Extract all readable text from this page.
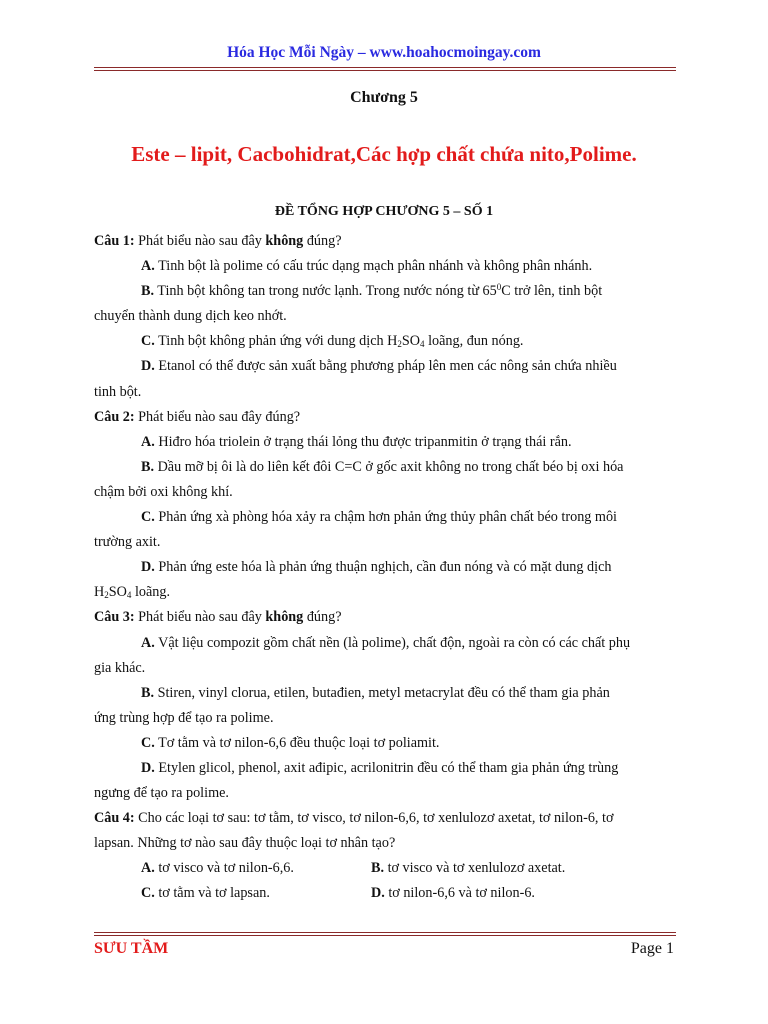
Hóa Học Mỗi Ngày – www.hoahocmoingay.com
Chương 5
Este – lipit, Cacbohidrat,Các hợp chất chứa nito,Polime.
ĐỀ TỔNG HỢP CHƯƠNG 5 – SỐ 1

Câu 1: Phát biểu nào sau đây không đúng?

A. Tinh bột là polime có cấu trúc dạng mạch phân nhánh và không phân nhánh.

B. Tinh bột không tan trong nước lạnh. Trong nước nóng từ $65^0C$ trở lên, tinh bột

chuyển thành dung dịch keo nhớt.

C. Tinh bột không phản ứng với dung dịch $H_2SO_4$ loãng, đun nóng.

D. Etanol có thể được sản xuất bằng phương pháp lên men các nông sản chứa nhiều

tinh bột.

Câu 2: Phát biểu nào sau đây đúng?

A. Hiđro hóa triolein ở trạng thái lỏng thu được tripanmitin ở trạng thái rắn.

B. Dầu mỡ bị ôi là do liên kết đôi C=C ở gốc axit không no trong chất béo bị oxi hóa

chậm bởi oxi không khí.

C. Phản ứng xà phòng hóa xảy ra chậm hơn phản ứng thủy phân chất béo trong môi

trường axit.

D. Phản ứng este hóa là phản ứng thuận nghịch, cần đun nóng và có mặt dung dịch

$H_2SO_4$ loãng.

Câu 3: Phát biểu nào sau đây không đúng?

A. Vật liệu compozit gồm chất nền (là polime), chất độn, ngoài ra còn có các chất phụ

gia khác.

B. Stiren, vinyl clorua, etilen, butađien, metyl metacrylat đều có thể tham gia phản

ứng trùng hợp để tạo ra polime.

C. Tơ tằm và tơ nilon-6,6 đều thuộc loại tơ poliamit.

D. Etylen glicol, phenol, axit ađipic, acrilonitrin đều có thể tham gia phản ứng trùng

ngưng để tạo ra polime.

Câu 4: Cho các loại tơ sau: tơ tằm, tơ visco, tơ nilon-6,6, tơ xenlulozơ axetat, tơ nilon-6, tơ

lapsan. Những tơ nào sau đây thuộc loại tơ nhân tạo?

A. tơ visco và tơ nilon-6,6.	B. tơ visco và tơ xenlulozơ axetat.
C. tơ tằm và tơ lapsan.	D. tơ nilon-6,6 và tơ nilon-6.
SƯU TẦM	Page 1
